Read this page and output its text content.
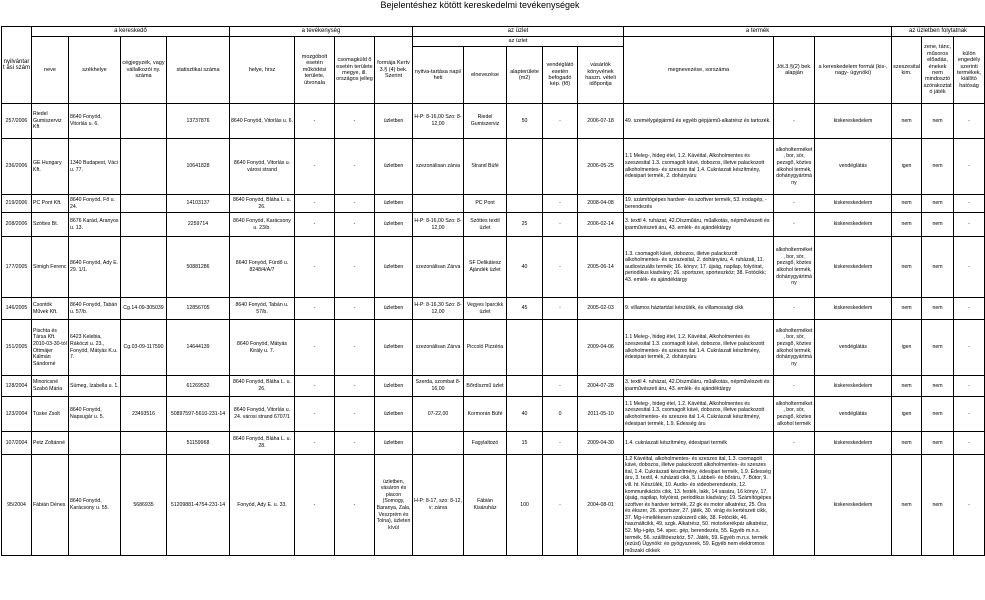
Bejelentéshez kötött kereskedelmi tevékenységek
nyilvántart ási szám	a kereskedő				a tevékenység				az üzlet					a termék			az üzletben folytatnak		
	neve	székhelye	cégjegyzék, vagy vállalkozói ny. száma	statisztikai száma	helye, hrsz	mozgóbolt esetén működési területe, útvonala	csomagküld ő esetén területe megye, ill. országos jelleg	formája Kertv 3.§ (4) bek. Szerint	az üzlet					megnevezése, sorszáma	Jöt.3.§(2) bek. alapján	a kereskedelem formái (kis-, nagy- ügynöki)	szeszesital kim.	zene, tánc, műsoros előadás, énekek nem mindosztó szórakoztat ó játék	külön engedély szerinti termékek, kiállító hatóság
									nyitva-tartása napi/ heti	elnevezése	alapterülete (m2)	vendéglátó esetén befogadó kép. (fő)	vásárlók könyvének haszn. vételi időpontja						
257/2006	Riedel Gumiszerviz Kft	8640 Fonyód, Vitorlás u. 6.		13737876	8640 Fonyód, Vitorlás u. 6.	-	-	üzletben	H-P: 8-16,00 Szo: 8-12,00	Riedel Gumiszerviz	50	-	2006-07-18	49. személygépjármű és egyéb gépjármű-alkatrész és tartozék.	-	kiskereskedelem	nem	nem	-
236/2006	GE Hungary Kft.	1340 Budapest, Váci u. 77.		10641828	8640 Fonyód, Vitorlás u. városi strand	-	-	üzletben	szezonálisan zárva	Strand Büfé			2006-05-25	1.1 Meleg-, hideg étel, 1.2. Kávéital, Alkoholmentes és szeszesital 1.3. csomagolt kávé, dobozos, illetve palackozott alkoholmentes- és szeszes ital 1.4. Cukrászati készítmény, édesipari termék, 2. dohányáru	alkoholterméket, bor, sör, pezsgő, köztes alkohol termék, dohánygyártmány	vendéglátás	igen	nem	-
219/2006	PC Pont Kft.	8640 Fonyód, Fő u. 24.		14103137	8640 Fonyód, Bláha L. u. 26.	-	-	üzletben		PC Pont		-	2008-04-08	19. számítógépes hardver- és szoftver termék, 53. irodagép, -berendezés	-	kiskereskedelem	nem	nem	-
208/2006	Szöttes Bt.	8676 Karád, Aranyos u. 13.		2259714	8640 Fonyód, Karácsony u. 23/b.	-	-	üzletben	H-P: 8-16,00 Szo: 8-12,00	Szöttes textil üzlet	25	-	2006-02-14	3. textil 4. ruházat, 42.Díszműáru, műalkotás, népművészeti és iparművészeti áru, 43. emlék- és ajándéktárgy	-	kiskereskedelem	nem	nem	-
177/2005	Simigh Ferenc	8640 Fonyód, Ady E. 29. 1/1.		50881286	8640 Fonyód, Fürdő u. 8248/4/A/7	-	-	üzletben	szezonálisan Zárva	SF Delikátesz Ajándék üzlet	40	-	2005-06-14	1.3. csomagolt kávé, dobozos, illetve palackozott alkoholmentes- és szeszesital, 2. dohányáru, 4. ruházati, 11. audiovizuális termék; 16. könyv; 17. újság, napilap, folyóirat, periodikus kiadvány; 26. sportszer, sporteszköz; 38. Fotócikk; 43. emlék- és ajándéktárgy	alkoholterméket, bor, sör, pezsgő, köztes alkohol termék, dohánygyártmány	kiskereskedelem	nem	nem	-
146/2005	Csontók Művek Kft.	8640 Fonyód, Tabán u. 57/b.	Cg.14-09-305039	12856705	8640 Fonyód, Tabán u. 57/b.	-	-	üzletben	H-P: 8-16,30 Szo: 8-12,00	Vegyes Iparcikk üzlet	45	-	2005-02-03	9. villamos háztartási készülék, és villamossági cikk	-	kiskereskedelem	nem	nem	-
151/2005	Pischta és Társa Kft. 2010-03-30-tól Ottmájer Kálmán Sándorné	6423 Kelebia, Rákóczi u. 23., Fonyód, Mátyás K.u. 7.	Cg.03-09-117590	14644139	8640 Fonyód, Mátyás Király u. 7.	-	-	üzletben	szezonálisan Zárva	Piccoló Pizzéria			2009-04-06	1.1 Meleg-, hideg étel, 1.2. Kávéital, Alkoholmentes és szeszesital 1.3. csomagolt kávé, dobozos, illetve palackozott alkoholmentes- és szeszes ital 1.4. Cukrászati készítmény, édesipari termék, 2. dohányáru	alkoholterméket, bor, sör, pezsgő, köztes alkohol termék, dohánygyártmány	vendéglátás	igen	nem	-
128/2004	Minoricsné Szabó Mária	Sümeg, Izabella u. 1.		61269532	8640 Fonyód, Bláha L. u. 26.	-	-	üzletben	Szerda, szombat 8-16,00	Bőrdíszmű üzlet		-	2004-07-28	3. textil 4. ruházat, 42.Díszműáru, műalkotás, népművészeti és iparművészeti áru, 43. emlék- és ajándéktárgy	-	kiskereskedelem	nem	nem	-
123/2004	Tüske Zsolt	8640 Fonyód, Napsugár u. 5.	23493516	50897597-5610-231-14	8640 Fonyód, Vitorlás u. 24. városi strand 6707/1	-	-	üzletben	07-22,00	Kormorán Büfé	40	0	2011-05-10	1.1 Meleg-, hideg étel, 1.2. Kávéital, Alkoholmentes és szeszesital 1.3. csomagolt kávé, dobozos, illetve palackozott alkoholmentes- és szeszes ital 1.4. Cukrászati készítmény, édesipari termék, 1.9. Édesség áru	alkoholterméket, bor, sör, pezsgő, köztes alkohol termék	vendéglátás	igen	nem	-
107/2004	Petz Zoltánné			51159968	8640 Fonyód, Bláha L. u. 28.	-	-	üzletben		Fagylaltozó	15	-	2009-04-30	1.4. cukrászati készítmény, édesipari termék	-	kiskereskedelem	nem	nem	-
95/2004	Fábián Dénes	8640 Fonyód, Karácsony u. 55.	5686935	51209881-4754-231-14	Fonyód, Ady E. u. 33.	-	-	üzletben, vásáron és piacon (Somogy, Baranya, Zala, Veszprém és Tolna), üzleten kívül	H-P: 8-17, szo: 8-12, v: zárva	Fábián Kisáruház	100	-	2004-08-01	1.2 Kávéital, alkoholmentes- és szeszes ital, 1.3. csomagolt kávé, dobozos, illetve palackozott alkoholmentes- és szeszes ital, 1.4. Cukrászati készítmény, édesipari termék, 1.9. Édesség áru, 3. textil, 4. ruházati cikk, 5. Lábbeli- és bőráru, 7. Bútor, 9. vill. ht. Készülék, 10. Audio- és videoberendezés, 12. kommunikációs cikk, 13. festék, lakk, 14 vasáru, 16 könyv, 17. újság, napilap, folyóirat, periodikus kiadvány; 19. Számítógépes szoftver és hardver termék, 22 gk és motor alkatrész, 25. Óra és ékszer, 26. sportszer, 27. játék, 30. virág és kertészeti cikk, 37. Mg-i-mellékesen szakszerű cikk, 38. Fotócikk, 46. használtcikk, 49. szgk. Alkatrész, 50. motorkerékpár alkatrész, 52. Mg-i-gép, 54. spec. gép, berendezés, 55. Egyéb m.n.s. termék, 56. szállítóeszköz, 57. Játék, 59. Egyéb m.n.s. termék (ezüst) Ügynöki: és gyógyszerek, 59. Egyéb nem elektromos műszaki cikkek		kiskereskedelem	nem	nem	-
